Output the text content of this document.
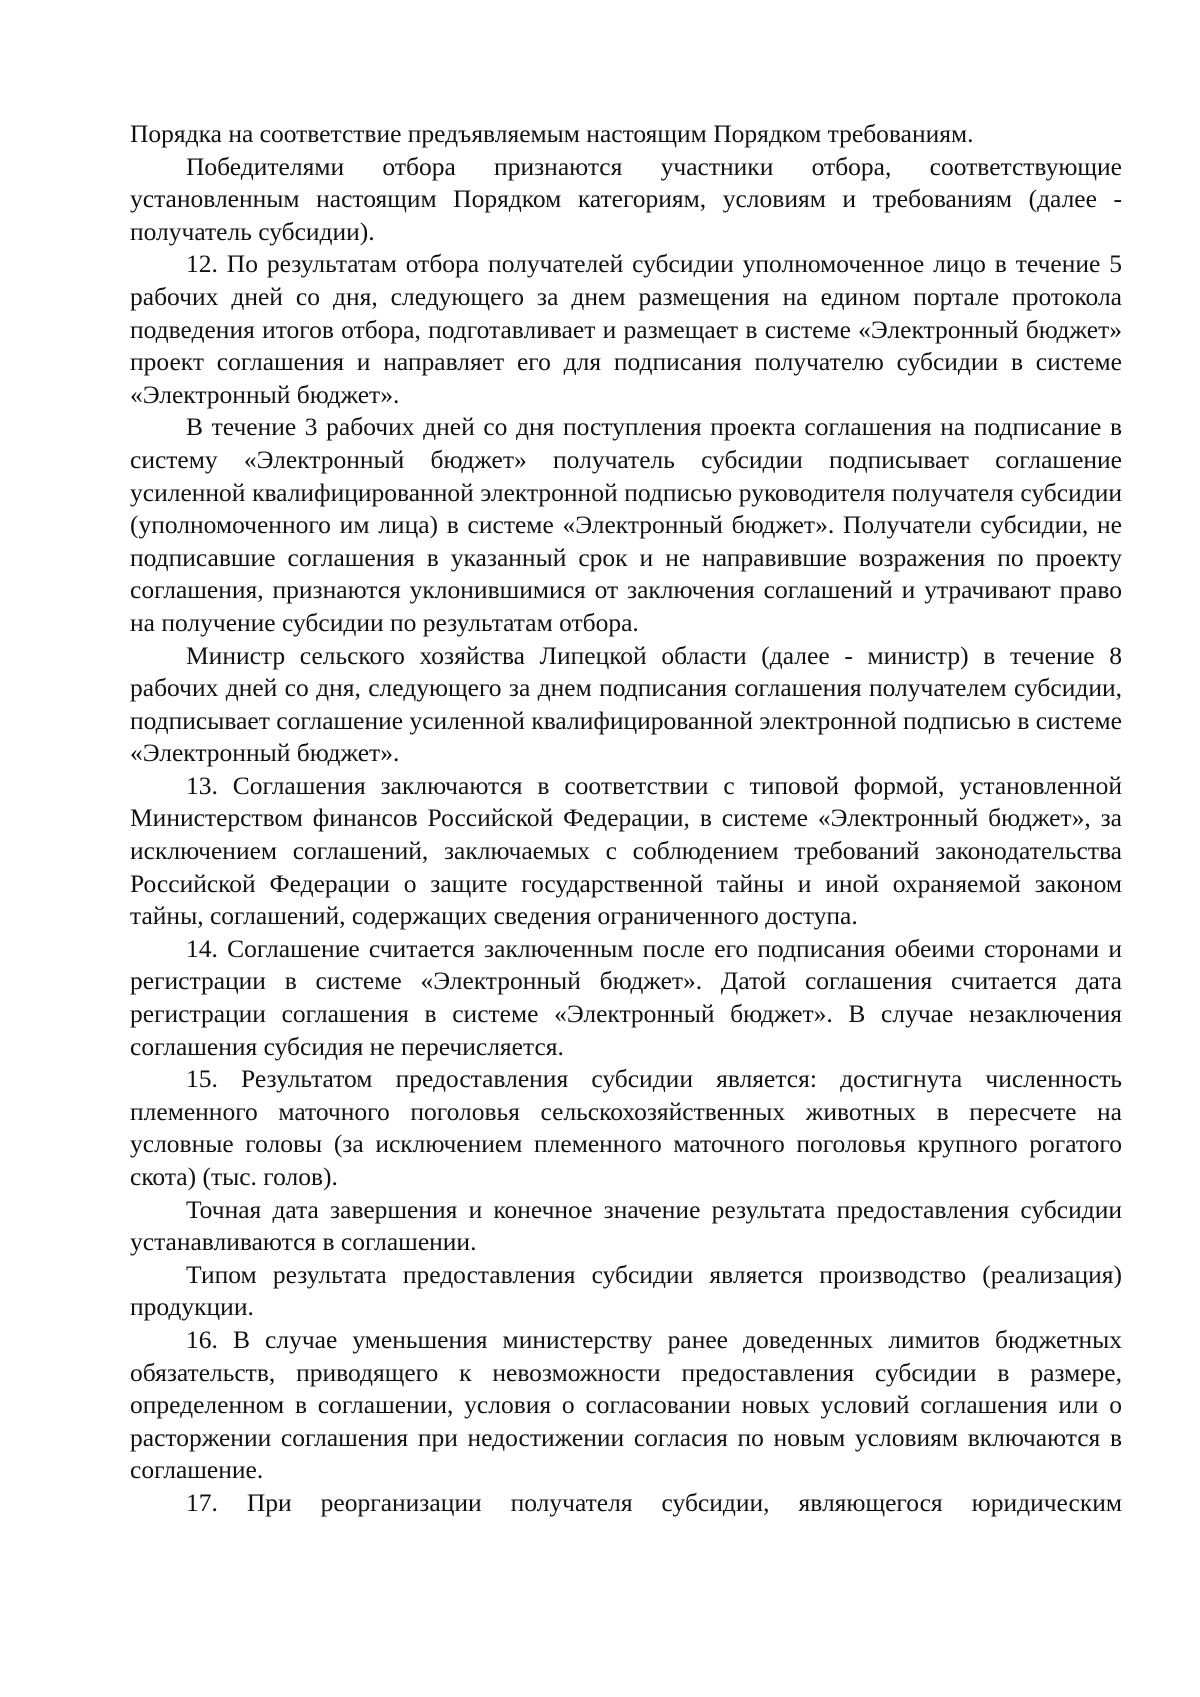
Порядка на соответствие предъявляемым настоящим Порядком требованиям.

Победителями отбора признаются участники отбора, соответствующие установленным настоящим Порядком категориям, условиям и требованиям (далее - получатель субсидии).

12. По результатам отбора получателей субсидии уполномоченное лицо в течение 5 рабочих дней со дня, следующего за днем размещения на едином портале протокола подведения итогов отбора, подготавливает и размещает в системе «Электронный бюджет» проект соглашения и направляет его для подписания получателю субсидии в системе «Электронный бюджет».

В течение 3 рабочих дней со дня поступления проекта соглашения на подписание в систему «Электронный бюджет» получатель субсидии подписывает соглашение усиленной квалифицированной электронной подписью руководителя получателя субсидии (уполномоченного им лица) в системе «Электронный бюджет». Получатели субсидии, не подписавшие соглашения в указанный срок и не направившие возражения по проекту соглашения, признаются уклонившимися от заключения соглашений и утрачивают право на получение субсидии по результатам отбора.

Министр сельского хозяйства Липецкой области (далее - министр) в течение 8 рабочих дней со дня, следующего за днем подписания соглашения получателем субсидии, подписывает соглашение усиленной квалифицированной электронной подписью в системе «Электронный бюджет».

13. Соглашения заключаются в соответствии с типовой формой, установленной Министерством финансов Российской Федерации, в системе «Электронный бюджет», за исключением соглашений, заключаемых с соблюдением требований законодательства Российской Федерации о защите государственной тайны и иной охраняемой законом тайны, соглашений, содержащих сведения ограниченного доступа.

14. Соглашение считается заключенным после его подписания обеими сторонами и регистрации в системе «Электронный бюджет». Датой соглашения считается дата регистрации соглашения в системе «Электронный бюджет». В случае незаключения соглашения субсидия не перечисляется.

15. Результатом предоставления субсидии является: достигнута численность племенного маточного поголовья сельскохозяйственных животных в пересчете на условные головы (за исключением племенного маточного поголовья крупного рогатого скота) (тыс. голов).

Точная дата завершения и конечное значение результата предоставления субсидии устанавливаются в соглашении.

Типом результата предоставления субсидии является производство (реализация) продукции.

16. В случае уменьшения министерству ранее доведенных лимитов бюджетных обязательств, приводящего к невозможности предоставления субсидии в размере, определенном в соглашении, условия о согласовании новых условий соглашения или о расторжении соглашения при недостижении согласия по новым условиям включаются в соглашение.

17. При реорганизации получателя субсидии, являющегося юридическим
